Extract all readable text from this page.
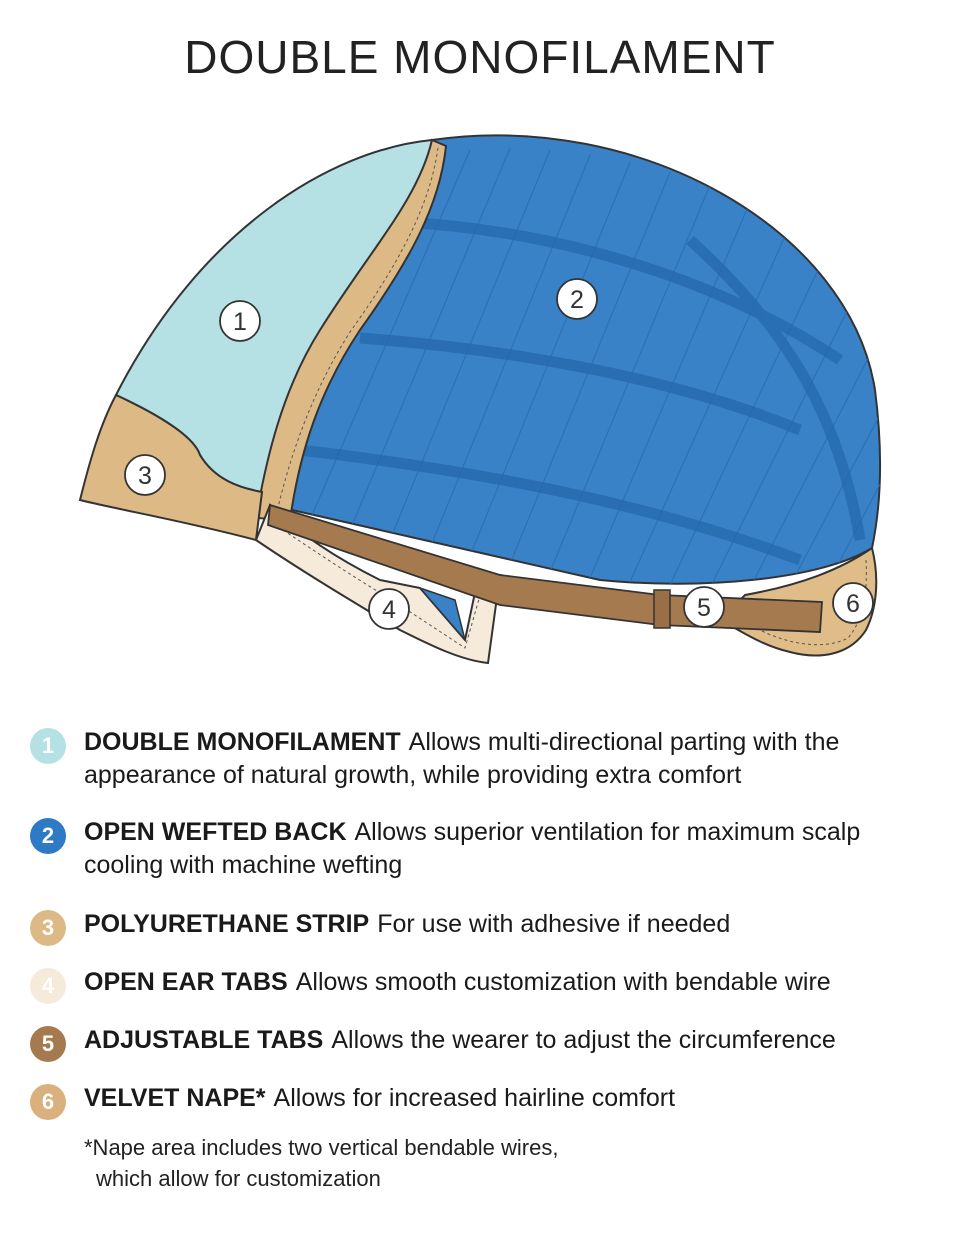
DOUBLE MONOFILAMENT
1
2
3
4	5	6
1	DOUBLE MONOFILAMENT Allows multi-directional parting with the appearance of natural growth, while providing extra comfort
2	OPEN WEFTED BACK Allows superior ventilation for maximum scalp cooling with machine wefting
3	POLYURETHANE STRIP For use with adhesive if needed
4	OPEN EAR TABS Allows smooth customization with bendable wire
5	ADJUSTABLE TABS Allows the wearer to adjust the circumference
6	VELVET NAPE* Allows for increased hairline comfort
*Nape area includes two vertical bendable wires,
which allow for customization
